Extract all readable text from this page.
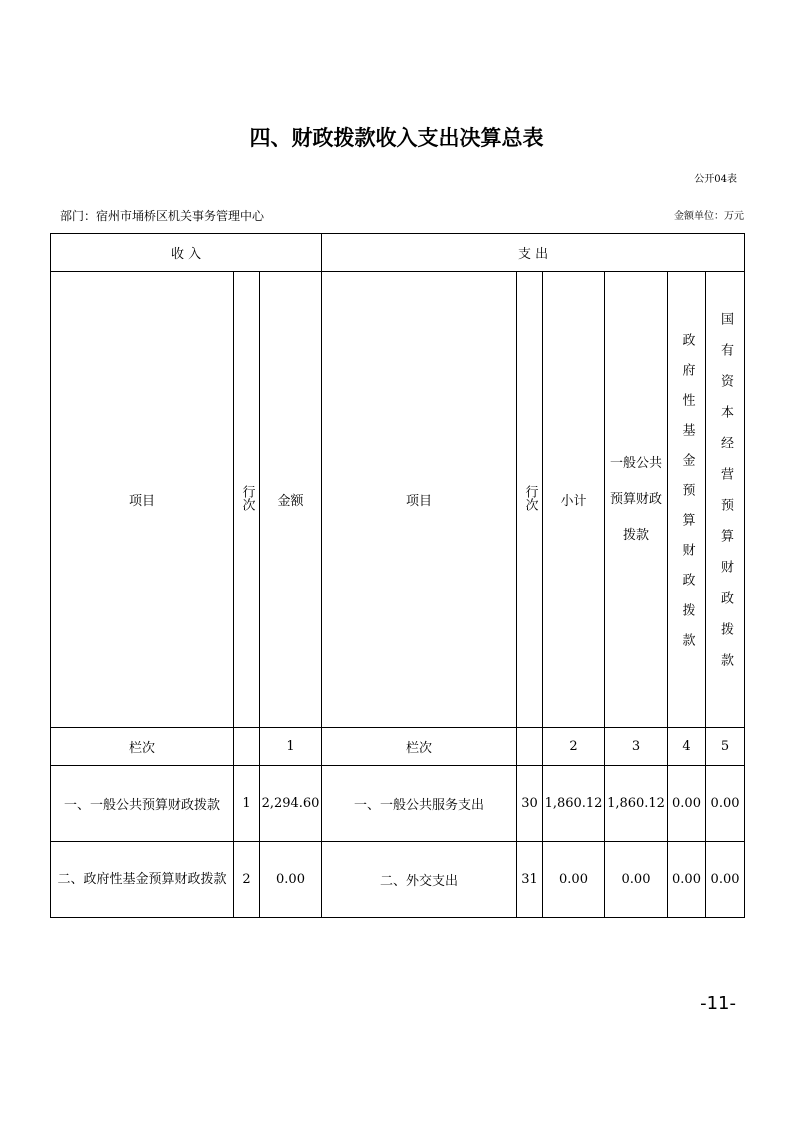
四、财政拨款收入支出决算总表
公开04表
部门：宿州市埇桥区机关事务管理中心	金额单位：万元
收 入			支 出					
项目	行次	金额	项目	行次	小计	一般公共预算财政拨款	政府性基金预算财政拨款	国有资本经营预算财政拨款
栏次		1	栏次		2	3	4	5
一、一般公共预算财政拨款	1	2,294.60	一、一般公共服务支出	30	1,860.12	1,860.12	0.00	0.00
二、政府性基金预算财政拨款	2	0.00	二、外交支出	31	0.00	0.00	0.00	0.00
-11-
